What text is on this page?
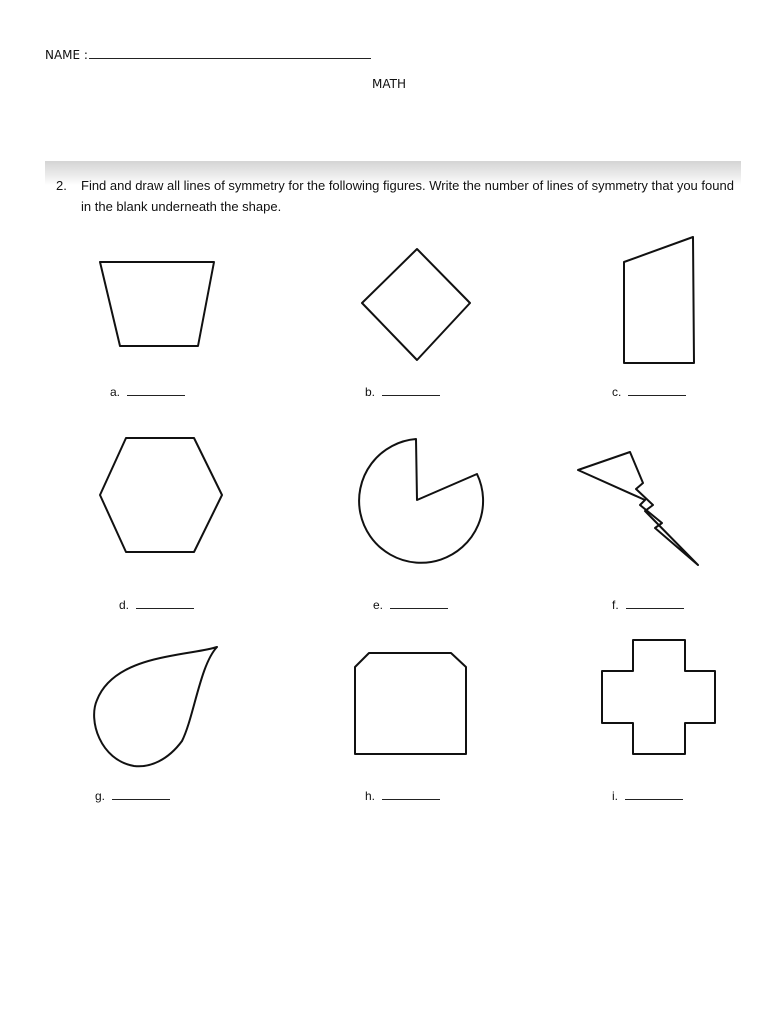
NAME :
MATH
2. Find and draw all lines of symmetry for the following figures. Write the number of lines of symmetry that you found in the blank underneath the shape.
a.	b.	c.
d.	e.	f.
g.	h.	i.
